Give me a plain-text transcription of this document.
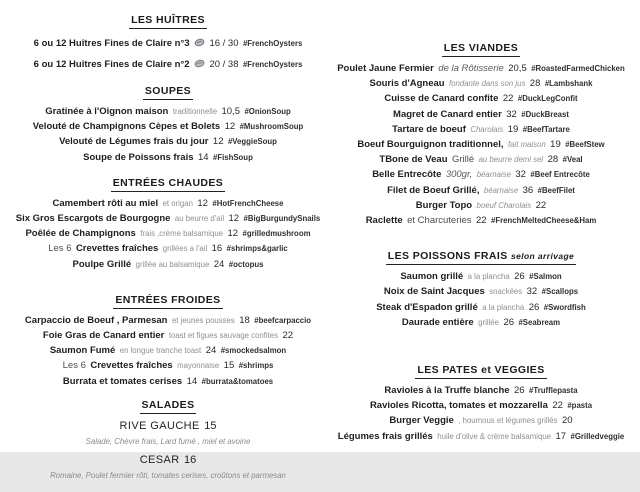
LES HUÎTRES
6 ou 12 Huîtres Fines de Claire n°3 16 / 30 #FrenchOysters
6 ou 12 Huîtres Fines de Claire n°2 20 / 38 #FrenchOysters
SOUPES
Gratinée à l'Oignon maison traditionnelle 10,5 #OnionSoup
Velouté de Champignons Cèpes et Bolets 12 #MushroomSoup
Velouté de Légumes frais du jour 12 #VeggieSoup
Soupe de Poissons frais 14 #FishSoup
ENTRÉES CHAUDES
Camembert rôti au miel et origan 12 #HotFrenchCheese
Six Gros Escargots de Bourgogne au beurre d'ail 12 #BigBurgundySnails
Poêlée de Champignons frais ,crème balsamique 12 #grilledmushroom
Les 6 Crevettes fraîches grillées a l'ail 16 #shrimps&garlic
Poulpe Grillé grillée au balsamique 24 #octopus
ENTRÉES FROIDES
Carpaccio de Boeuf , Parmesan et jeunes pousses 18 #beefcarpaccio
Foie Gras de Canard entier toast et figues sauvage confites 22
Saumon Fumé en longue tranche toast 24 #smockedsalmon
Les 6 Crevettes fraîches mayonnaise 15 #shrimps
Burrata et tomates cerises 14 #burrata&tomatoes
SALADES
RIVE GAUCHE 15
Salade, Chèvre frais, Lard fumé , miel et avoine
CESAR 16
Romaine, Poulet fermier rôti, tomates cerises, croûtons et parmesan
LES VIANDES
Poulet Jaune Fermier de la Rôtisserie 20,5 #RoastedFarmedChicken
Souris d'Agneau fondante dans son jus 28 #Lambshank
Cuisse de Canard confite 22 #DuckLegConfit
Magret de Canard entier 32 #DuckBreast
Tartare de boeuf Charolais 19 #BeefTartare
Boeuf Bourguignon traditionnel, fait maison 19 #BeefStew
TBone de Veau Grillé au beurre demi sel 28 #Veal
Belle Entrecôte 300gr, béarnaise 32 #Beef Entrecôte
Filet de Boeuf Grillé, béarnaise 36 #BeefFilet
Burger Topo boeuf Charolais 22
Raclette et Charcuteries 22 #FrenchMeltedCheese&Ham
LES POISSONS FRAIS selon arrivage
Saumon grillé a la plancha 26 #Salmon
Noix de Saint Jacques snackées 32 #Scallops
Steak d'Espadon grillé a la plancha 26 #Swordfish
Daurade entière grillée 26 #Seabream
LES PATES et VEGGIES
Ravioles à la Truffe blanche 26 #Trufflepasta
Ravioles Ricotta, tomates et mozzarella 22 #pasta
Burger Veggie , houmous et légumes grillés 20
Légumes frais grillés huile d'olive & crème balsamique 17 #Grilledveggie
